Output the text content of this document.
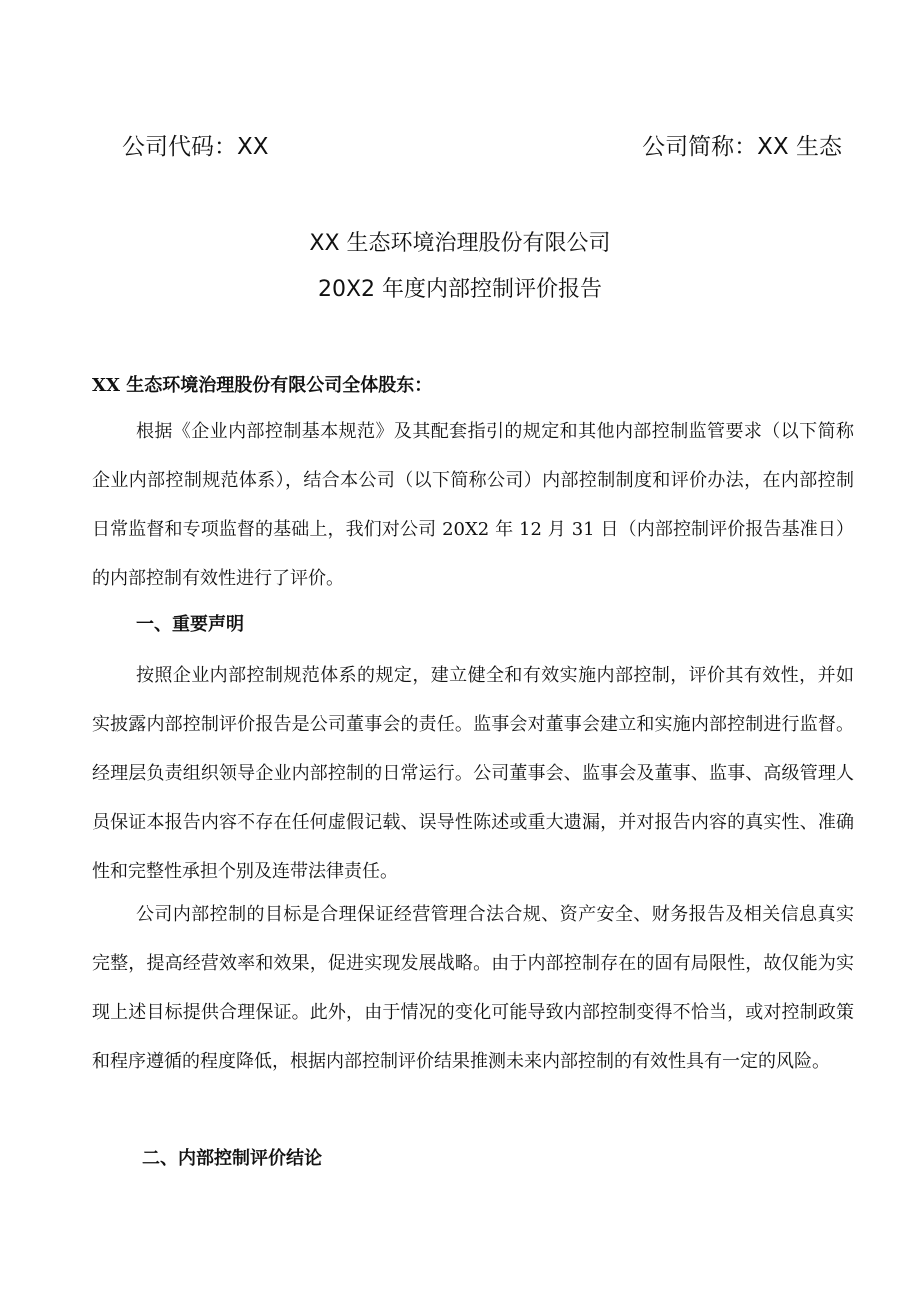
公司代码：XX	公司简称：XX 生态
XX 生态环境治理股份有限公司
20X2 年度内部控制评价报告
XX 生态环境治理股份有限公司全体股东：

根据《企业内部控制基本规范》及其配套指引的规定和其他内部控制监管要求（以下简称企业内部控制规范体系），结合本公司（以下简称公司）内部控制制度和评价办法，在内部控制日常监督和专项监督的基础上，我们对公司 20X2 年 12 月 31 日（内部控制评价报告基准日）的内部控制有效性进行了评价。

一、重要声明

按照企业内部控制规范体系的规定，建立健全和有效实施内部控制，评价其有效性，并如实披露内部控制评价报告是公司董事会的责任。监事会对董事会建立和实施内部控制进行监督。经理层负责组织领导企业内部控制的日常运行。公司董事会、监事会及董事、监事、高级管理人员保证本报告内容不存在任何虚假记载、误导性陈述或重大遗漏，并对报告内容的真实性、准确性和完整性承担个别及连带法律责任。

公司内部控制的目标是合理保证经营管理合法合规、资产安全、财务报告及相关信息真实完整，提高经营效率和效果，促进实现发展战略。由于内部控制存在的固有局限性，故仅能为实现上述目标提供合理保证。此外，由于情况的变化可能导致内部控制变得不恰当，或对控制政策和程序遵循的程度降低，根据内部控制评价结果推测未来内部控制的有效性具有一定的风险。

二、内部控制评价结论
